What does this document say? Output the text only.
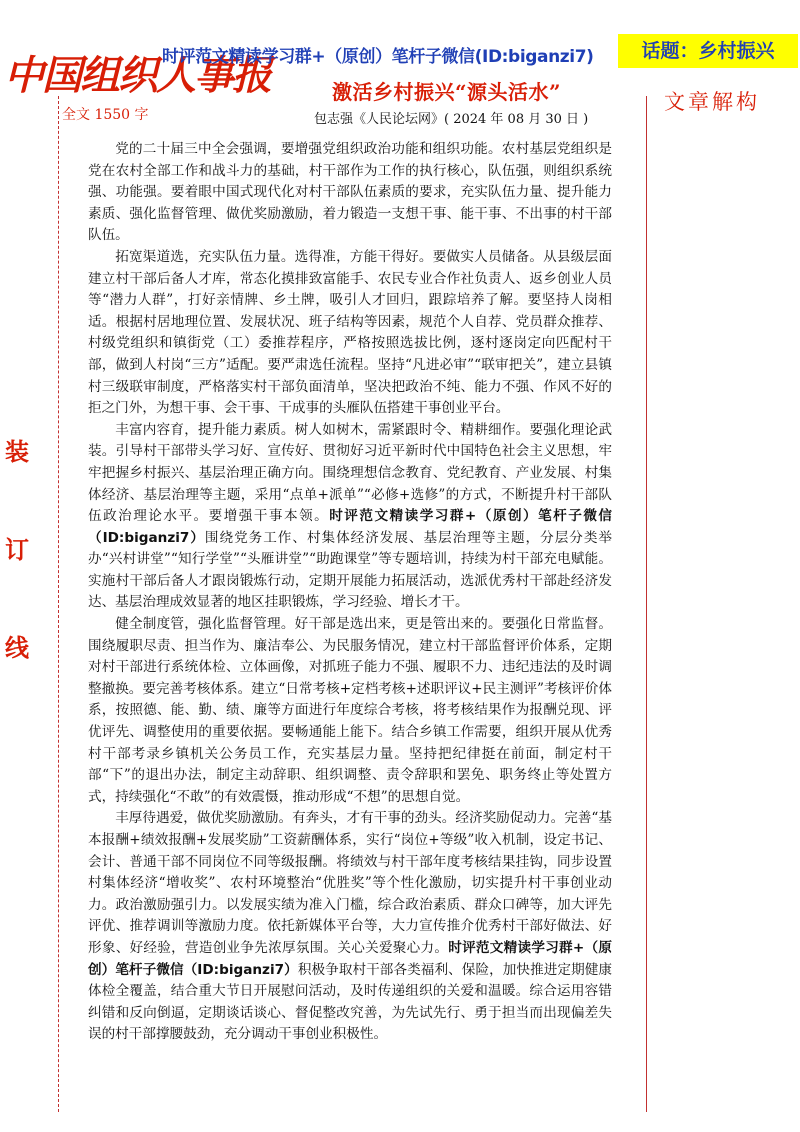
中国组织人事报
时评范文精读学习群+（原创）笔杆子微信(ID:biganzi7)	话题：乡村振兴
激活乡村振兴“源头活水”
全文 1550 字	包志强《人民论坛网》( 2024 年 08 月 30 日 )
文章解构
装
订
线

党的二十届三中全会强调，要增强党组织政治功能和组织功能。农村基层党组织是党在农村全部工作和战斗力的基础，村干部作为工作的执行核心，队伍强，则组织系统强、功能强。要着眼中国式现代化对村干部队伍素质的要求，充实队伍力量、提升能力素质、强化监督管理、做优奖励激励，着力锻造一支想干事、能干事、不出事的村干部队伍。

拓宽渠道选，充实队伍力量。选得准，方能干得好。要做实人员储备。从县级层面建立村干部后备人才库，常态化摸排致富能手、农民专业合作社负责人、返乡创业人员等“潜力人群”，打好亲情牌、乡土牌，吸引人才回归，跟踪培养了解。要坚持人岗相适。根据村居地理位置、发展状况、班子结构等因素，规范个人自荐、党员群众推荐、村级党组织和镇街党（工）委推荐程序，严格按照选拔比例，逐村逐岗定向匹配村干部，做到人村岗“三方”适配。要严肃选任流程。坚持“凡进必审”“联审把关”，建立县镇村三级联审制度，严格落实村干部负面清单，坚决把政治不纯、能力不强、作风不好的拒之门外，为想干事、会干事、干成事的头雁队伍搭建干事创业平台。

丰富内容育，提升能力素质。树人如树木，需紧跟时令、精耕细作。要强化理论武装。引导村干部带头学习好、宣传好、贯彻好习近平新时代中国特色社会主义思想，牢牢把握乡村振兴、基层治理正确方向。围绕理想信念教育、党纪教育、产业发展、村集体经济、基层治理等主题，采用“点单+派单”“必修+选修”的方式，不断提升村干部队伍政治理论水平。要增强干事本领。时评范文精读学习群+（原创）笔杆子微信（ID:biganzi7）围绕党务工作、村集体经济发展、基层治理等主题，分层分类举办“兴村讲堂”“知行学堂”“头雁讲堂”“助跑课堂”等专题培训，持续为村干部充电赋能。实施村干部后备人才跟岗锻炼行动，定期开展能力拓展活动，选派优秀村干部赴经济发达、基层治理成效显著的地区挂职锻炼，学习经验、增长才干。

健全制度管，强化监督管理。好干部是选出来，更是管出来的。要强化日常监督。围绕履职尽责、担当作为、廉洁奉公、为民服务情况，建立村干部监督评价体系，定期对村干部进行系统体检、立体画像，对抓班子能力不强、履职不力、违纪违法的及时调整撤换。要完善考核体系。建立“日常考核+定档考核+述职评议+民主测评”考核评价体系，按照德、能、勤、绩、廉等方面进行年度综合考核，将考核结果作为报酬兑现、评优评先、调整使用的重要依据。要畅通能上能下。结合乡镇工作需要，组织开展从优秀村干部考录乡镇机关公务员工作，充实基层力量。坚持把纪律挺在前面，制定村干部“下”的退出办法，制定主动辞职、组织调整、责令辞职和罢免、职务终止等处置方式，持续强化“不敢”的有效震慑，推动形成“不想”的思想自觉。

丰厚待遇爱，做优奖励激励。有奔头，才有干事的劲头。经济奖励促动力。完善“基本报酬+绩效报酬+发展奖励”工资薪酬体系，实行“岗位+等级”收入机制，设定书记、会计、普通干部不同岗位不同等级报酬。将绩效与村干部年度考核结果挂钩，同步设置村集体经济“增收奖”、农村环境整治“优胜奖”等个性化激励，切实提升村干事创业动力。政治激励强引力。以发展实绩为准入门槛，综合政治素质、群众口碑等，加大评先评优、推荐调训等激励力度。依托新媒体平台等，大力宣传推介优秀村干部好做法、好形象、好经验，营造创业争先浓厚氛围。关心关爱聚心力。时评范文精读学习群+（原创）笔杆子微信（ID:biganzi7）积极争取村干部各类福利、保险，加快推进定期健康体检全覆盖，结合重大节日开展慰问活动，及时传递组织的关爱和温暖。综合运用容错纠错和反向倒逼，定期谈话谈心、督促整改究善，为先试先行、勇于担当而出现偏差失误的村干部撑腰鼓劲，充分调动干事创业积极性。
